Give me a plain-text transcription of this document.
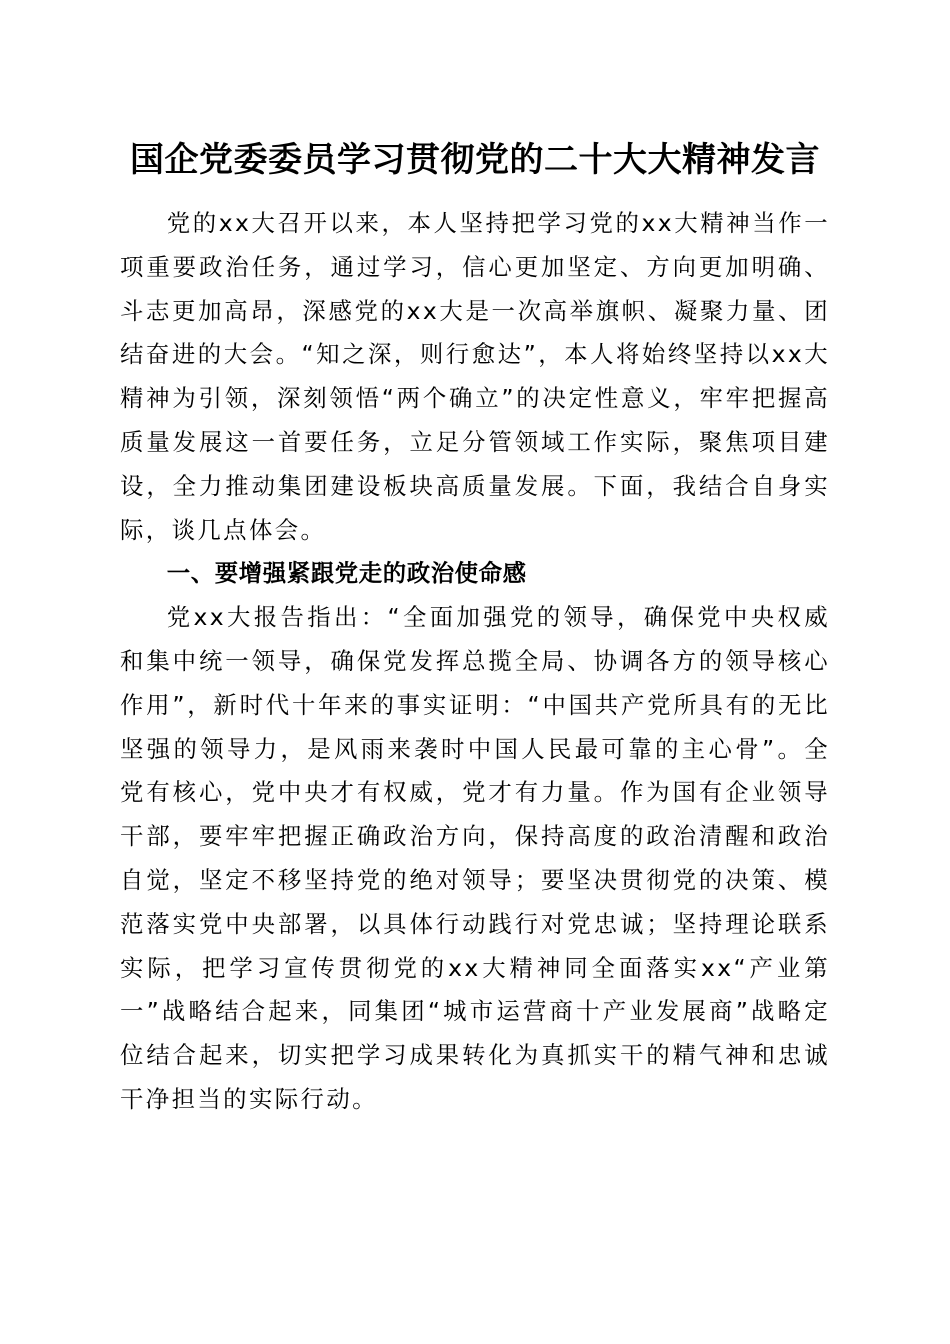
国企党委委员学习贯彻党的二十大大精神发言

党的xx大召开以来，本人坚持把学习党的xx大精神当作一项重要政治任务，通过学习，信心更加坚定、方向更加明确、斗志更加高昂，深感党的xx大是一次高举旗帜、凝聚力量、团结奋进的大会。“知之深，则行愈达”，本人将始终坚持以xx大精神为引领，深刻领悟“两个确立”的决定性意义，牢牢把握高质量发展这一首要任务，立足分管领域工作实际，聚焦项目建设，全力推动集团建设板块高质量发展。下面，我结合自身实际，谈几点体会。

一、要增强紧跟党走的政治使命感

党xx大报告指出：“全面加强党的领导，确保党中央权威和集中统一领导，确保党发挥总揽全局、协调各方的领导核心作用”，新时代十年来的事实证明：“中国共产党所具有的无比坚强的领导力，是风雨来袭时中国人民最可靠的主心骨”。全党有核心，党中央才有权威，党才有力量。作为国有企业领导干部，要牢牢把握正确政治方向，保持高度的政治清醒和政治自觉，坚定不移坚持党的绝对领导；要坚决贯彻党的决策、模范落实党中央部署，以具体行动践行对党忠诚；坚持理论联系实际，把学习宣传贯彻党的xx大精神同全面落实xx“产业第一”战略结合起来，同集团“城市运营商十产业发展商”战略定位结合起来，切实把学习成果转化为真抓实干的精气神和忠诚干净担当的实际行动。
